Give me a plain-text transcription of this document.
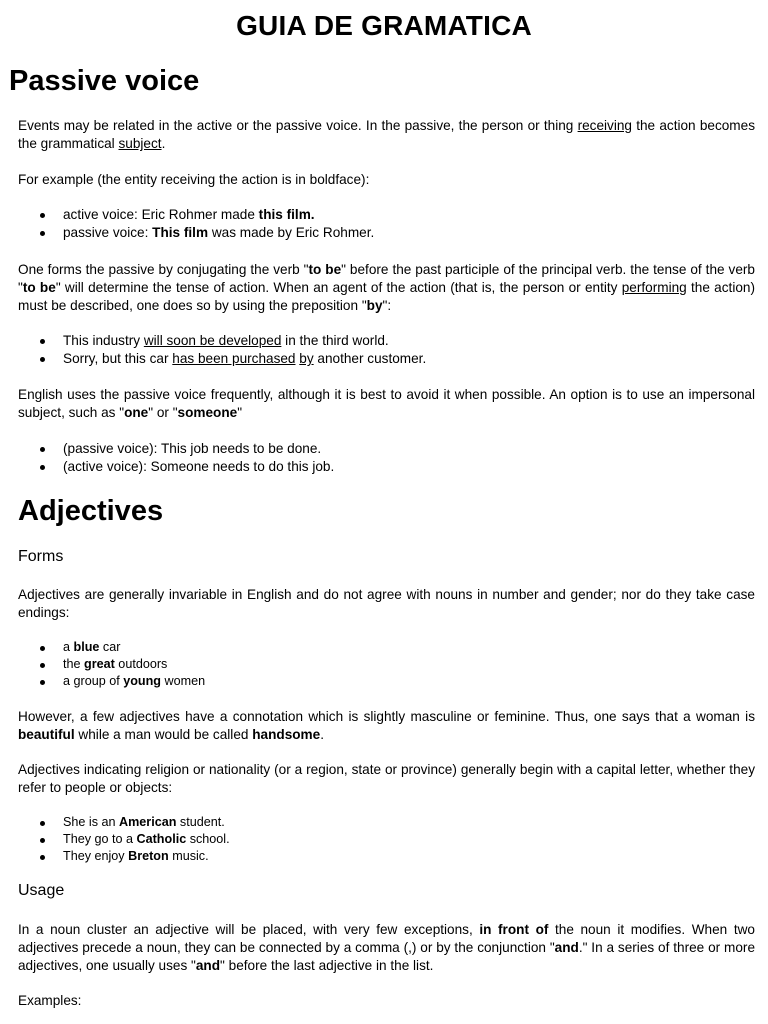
GUIA DE GRAMATICA
Passive voice
Events may be related in the active or the passive voice. In the passive, the person or thing receiving the action becomes the grammatical subject.
For example (the entity receiving the action is in boldface):
active voice: Eric Rohmer made this film.
passive voice: This film was made by Eric Rohmer.
One forms the passive by conjugating the verb "to be" before the past participle of the principal verb. the tense of the verb "to be" will determine the tense of action. When an agent of the action (that is, the person or entity performing the action) must be described, one does so by using the preposition "by":
This industry will soon be developed in the third world.
Sorry, but this car has been purchased by another customer.
English uses the passive voice frequently, although it is best to avoid it when possible. An option is to use an impersonal subject, such as "one" or "someone"
(passive voice): This job needs to be done.
(active voice): Someone needs to do this job.
Adjectives
Forms
Adjectives are generally invariable in English and do not agree with nouns in number and gender; nor do they take case endings:
a blue car
the great outdoors
a group of young women
However, a few adjectives have a connotation which is slightly masculine or feminine. Thus, one says that a woman is beautiful while a man would be called handsome.
Adjectives indicating religion or nationality (or a region, state or province) generally begin with a capital letter, whether they refer to people or objects:
She is an American student.
They go to a Catholic school.
They enjoy Breton music.
Usage
In a noun cluster an adjective will be placed, with very few exceptions, in front of the noun it modifies. When two adjectives precede a noun, they can be connected by a comma (,) or by the conjunction "and." In a series of three or more adjectives, one usually uses "and" before the last adjective in the list.
Examples:
